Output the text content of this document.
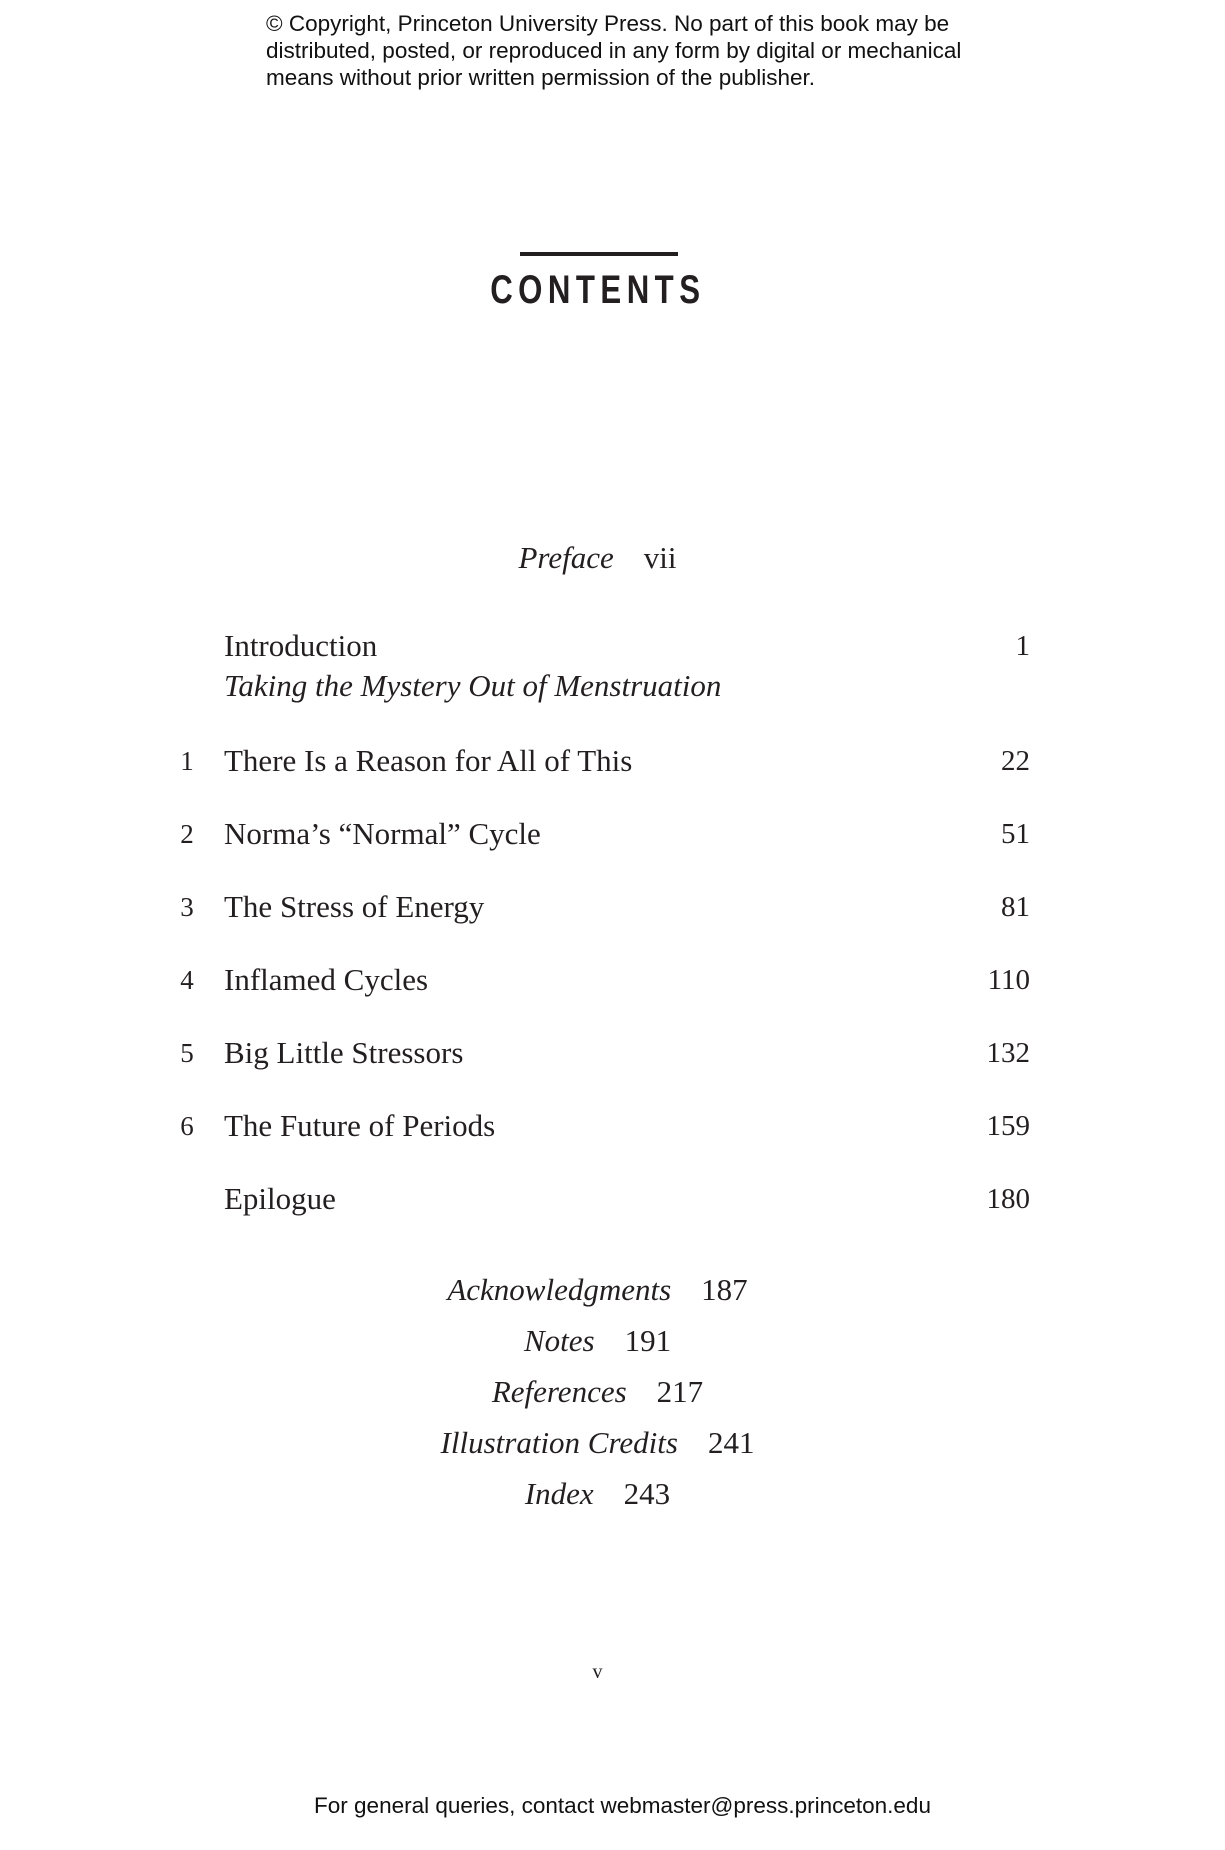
© Copyright, Princeton University Press. No part of this book may be
distributed, posted, or reproduced in any form by digital or mechanical
means without prior written permission of the publisher.
CONTENTS
Preface vii
Introduction	1
Taking the Mystery Out of Menstruation
1 There Is a Reason for All of This	22
2 Norma’s “Normal” Cycle	51
3 The Stress of Energy	81
4 Inflamed Cycles	110
5 Big Little Stressors	132
6 The Future of Periods	159
Epilogue	180
Acknowledgments 187
Notes 191
References 217
Illustration Credits 241
Index 243
v
For general queries, contact webmaster@press.princeton.edu
